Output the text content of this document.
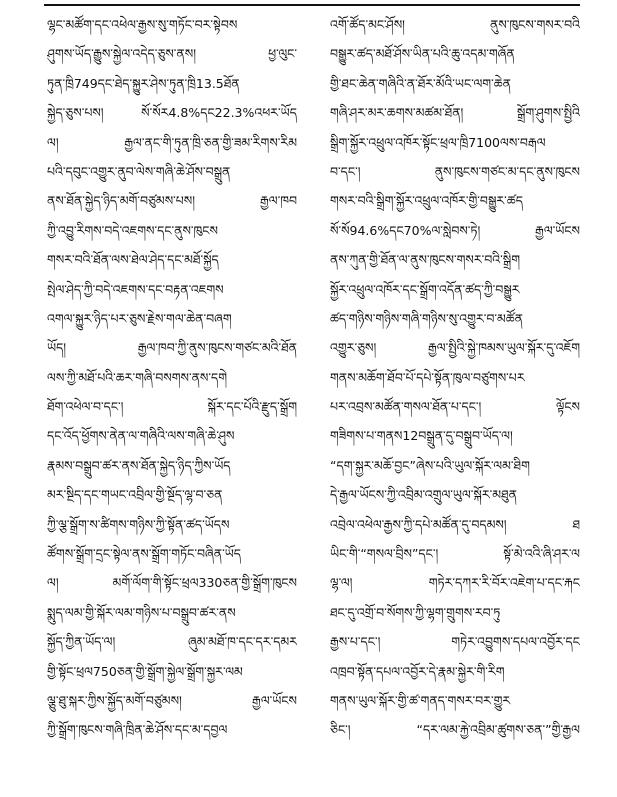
ལྷང་མཚོག་དང་འཕེལ་རྒྱས་སུ་གཏོང་བར་སྟེབས
ཤུགས་ཡོད་རྒྱུས་སྐྱེལ་འདེད་ཅུས་ནས། ཕྱ་ལུང་
ཏུན་ཁྲི749དང་ཐེད་སྐྱུར་ཤེས་ཏུན་ཁྲི13.5ཐོན
སྐྱེད་ཅུས་པས། སོ་སོར4.8%དང22.3%འཕར་ཡོད
ལ། རྒྱལ་ནང་གི་ཏུན་ཁྲི་ཅན་གྱི་ཟམ་རིགས་རིམ
པའི་དབུང་འགྱུར་ནུབ་ལེས་གཞི་ཆེ་ཤོས་བསྒྲུན
ནས་ཐོན་སྐྱེད་ཉིད་མགོ་བཙུམས་པས། རྒྱལ་ཁབ
ཀྱི་འབྱུ་རིགས་བདེ་འཇགས་དང་ནུས་ཁུངས
གསར་བའི་ཐོན་ལས་ཐེལ་ཤེད་དང་མཐོ་སྐྱོད
སྤེལ་ཤེད་ཀྱི་བདེ་འཇགས་དང་བརྟན་འཇགས
འགལ་སྐྱུར་ཉིད་པར་ཅུས་རྗེས་གལ་ཆེན་བཞག
ཡོད། རྒྱལ་ཁབ་ཀྱི་ནུས་ཁུངས་གཙང་མའི་ཐོན
ལས་ཀྱི་མཐོ་པའི་ཆར་གཞི་བསགས་ནས་དགེ
ཐོག་འཕེལ་བ་དང་། སྐོར་དང་པོའི་རྫུད་སྒྲོག
དང་འོད་ཕྱོགས་ནེན་ལ་གཞིའི་ལས་གཞི་ཆེ་ཤུས
རྣམས་བསྒྲུབ་ཚར་ནས་ཐོན་སྐྱེད་ཉིད་ཀྱིས་ཡོད
མར་སྔིད་དང་གཡང་འབྲིལ་གྱི་སྔོད་ལྷ་བ་ཅན
ཀྱི་ལྕ་སྒྲོག་ས་ཚིགས་གཉིས་ཀྱི་སྟོན་ཚད་ཡོདས
ཚོགས་སྒྲོག་དྲང་སྟེལ་ནས་སྒྲོག་གཏོང་བཞིན་ཡོད
ལ། མགོ་ལོག་གི་སྟོང་ཕྲལ330ཅན་གྱི་སྒྲོག་ཁུངས
སྨུད་ལམ་གྱི་སྐོར་ལམ་གཉིས་པ་བསྒྲུབ་ཚར་ནས
སྐྱོད་ཀྱིན་ཡོད་ལ། ཞུམ་མཐོ་ཁ་དང་དར་དམར
གྱི་སྟོང་ཕྲལ750ཅན་གྱི་སྒྲོག་སྐྱེལ་སྒྲོག་སྐྱར་ལམ
ལྕུ་ཐུ་སྐར་ཀྱིས་སྐྱོད་མགོ་བཙུམས། རྒྱལ་ཡོངས
ཀྱི་སྒྲོག་ཁུངས་གཞི་ཁྲིན་ཆེ་ཤོས་དང་མ་དབྱལ
འགོ་ཚོད་མང་ཤོས། ནུས་ཁུངས་གསར་བའི
བསྒྱུར་ཚད་མཐོ་ཤོས་ཡིན་པའི་ཆུ་འདམ་གཞོན
གྱི་ཐང་ཆེན་གཞིའི་ན་ཐོར་མོའི་ཡང་ལག་ཆེན
གཞི་ཤར་མར་ཆགས་མཚམ་ཐོན། སྒྲོག་ཤུགས་སྤྱིའི
སྒྲིག་སྐྱོར་འཕྲུལ་འཁོར་སྟོང་ཕྲལ་ཁྲི7100ལས་བརྒལ
བ་དང་། ནུས་ཁུངས་གཙང་མ་དང་ནུས་ཁུངས
གསར་བའི་སྒྲིག་སྐྱོར་འཕྲུལ་འཁོར་གྱི་བསྒྱུར་ཚད
སོ་སོ94.6%དང70%ལ་སླེབས་ཏེ། རྒྱལ་ཡོངས
ནས་ཀུན་གྱི་ཐོན་ལ་ནུས་ཁུངས་གསར་བའི་སྒྲིག
སྐྱོར་འཕྲུལ་འཁོར་དང་སྒྲོག་འདོན་ཚད་ཀྱི་བསྒྱུར
ཚད་གཉིས་གཉིས་གཞི་གཉིས་སུ་འགྱུར་བ་མཚོན
འགྱུར་ཅུས། རྒྱལ་སྤྱིའི་སྐྱེ་ཁམས་ཡུལ་སྐོར་དུ་འཇོག
གནས་མཆོག་ཐོབ་པོ་དཔེ་སྟོན་ཁུལ་བཙུགས་པར
པར་འབྲས་མཚོན་གསལ་ཐོན་པ་དང་། ལྟོངས
གཟིགས་པ་གནས12བསྒྲུན་དུ་བསྒྲུབ་ཡོད་ལ།
“དག་སྐྱར་མཆོ་བྱང”ཞེས་པའི་ཡུལ་སྐོར་ལམ་ཐིག
དེ་རྒྱལ་ཡོངས་ཀྱི་འབྲིམ་འགྲུལ་ཡུལ་སྐོར་མཐུན
འབྲེལ་འཕེལ་རྒྱས་ཀྱི་དཔེ་མཚོན་དུ་བདམས། ཐ
ཡིང་གི་“གསལ་བྲིས”དང་། སྟོ་མེ་འའི་ཞི་ཤར་ལ
ལྷ་ལ། གཏེར་དཀར་རི་བོར་འཇེག་པ་དང་རྐང
ཐང་དུ་འགྲོ་བ་སོགས་ཀྱི་ལྷག་གྲུགས་རབ་ཏུ
རྒྱས་པ་དང་། གཏེར་འབྱུགས་དཔལ་འབྱོར་དང
འཁྲབ་སྟོན་དཔལ་འབྱོར་དེ་རྣམ་སྐྱེར་གི་རིག
གནས་ཡུལ་སྐོར་གྱི་ཚ་གནད་གསར་བར་གྱུར
ཅིང་། “དར་ལམ་རྐྱེ་འབྲིམ་ཚུགས་ཅན་”གྱི་རྒྱལ
